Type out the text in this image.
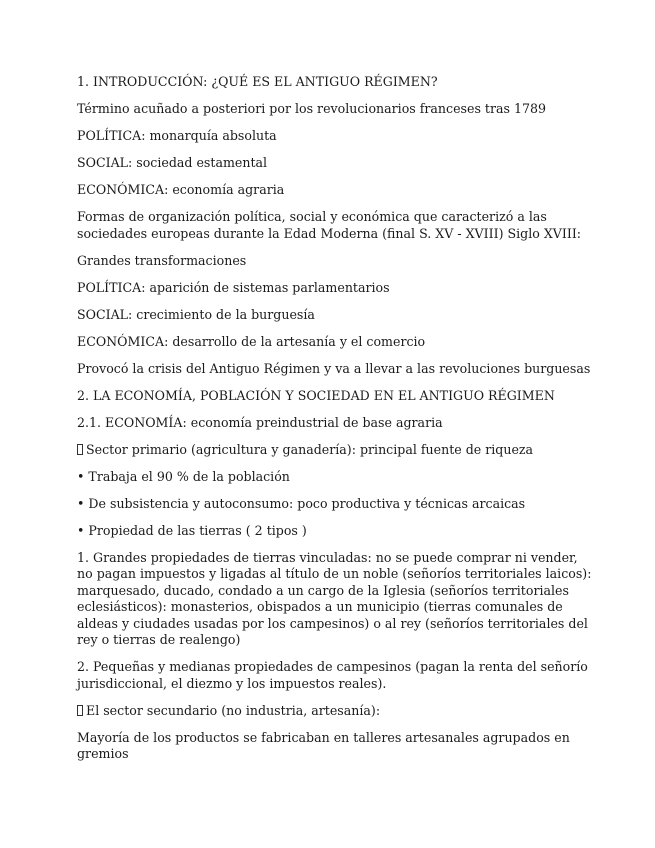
1. INTRODUCCIÓN: ¿QUÉ ES EL ANTIGUO RÉGIMEN?

Término acuñado a posteriori por los revolucionarios franceses tras 1789

POLÍTICA: monarquía absoluta

SOCIAL: sociedad estamental

ECONÓMICA: economía agraria

Formas de organización política, social y económica que caracterizó a las sociedades europeas durante la Edad Moderna (final S. XV - XVIII) Siglo XVIII:

Grandes transformaciones

POLÍTICA: aparición de sistemas parlamentarios

SOCIAL: crecimiento de la burguesía

ECONÓMICA: desarrollo de la artesanía y el comercio

Provocó la crisis del Antiguo Régimen y va a llevar a las revoluciones burguesas

2. LA ECONOMÍA, POBLACIÓN Y SOCIEDAD EN EL ANTIGUO RÉGIMEN

2.1. ECONOMÍA: economía preindustrial de base agraria

Sector primario (agricultura y ganadería): principal fuente de riqueza

• Trabaja el 90 % de la población

• De subsistencia y autoconsumo: poco productiva y técnicas arcaicas

• Propiedad de las tierras ( 2 tipos )

1. Grandes propiedades de tierras vinculadas: no se puede comprar ni vender, no pagan impuestos y ligadas al título de un noble (señoríos territoriales laicos): marquesado, ducado, condado a un cargo de la Iglesia (señoríos territoriales eclesiásticos): monasterios, obispados a un municipio (tierras comunales de aldeas y ciudades usadas por los campesinos) o al rey (señoríos territoriales del rey o tierras de realengo)

2. Pequeñas y medianas propiedades de campesinos (pagan la renta del señorío jurisdiccional, el diezmo y los impuestos reales).

El sector secundario (no industria, artesanía):

Mayoría de los productos se fabricaban en talleres artesanales agrupados en gremios
